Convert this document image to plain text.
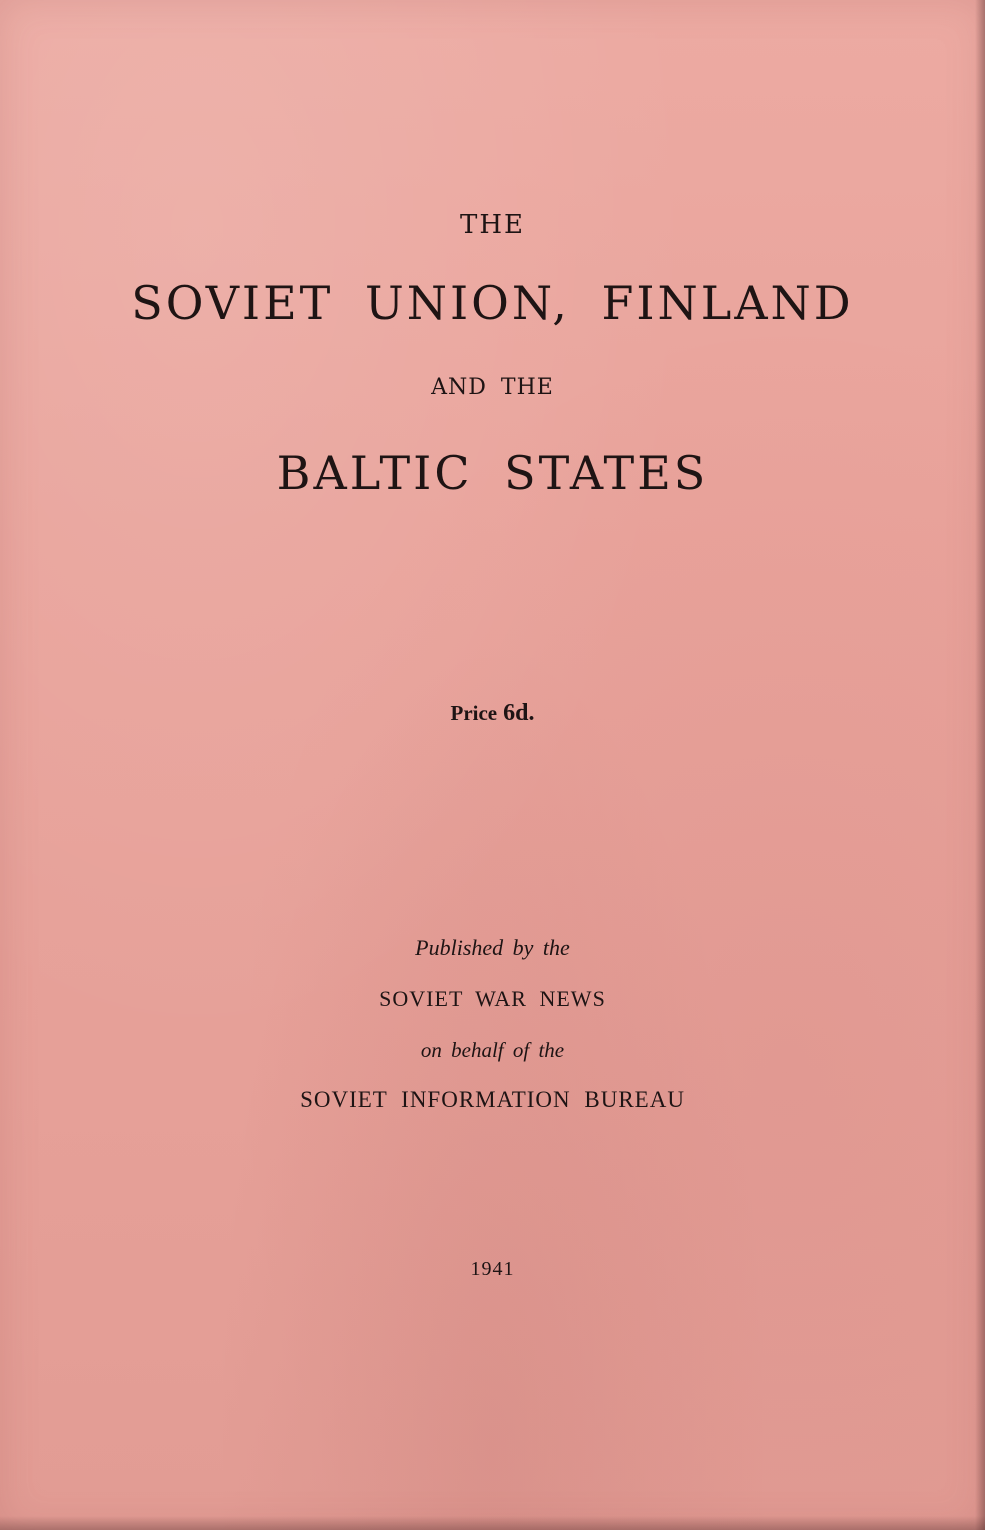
THE
SOVIET UNION, FINLAND
AND THE
BALTIC STATES
Price 6d.
Published by the
SOVIET WAR NEWS
on behalf of the
SOVIET INFORMATION BUREAU
1941
